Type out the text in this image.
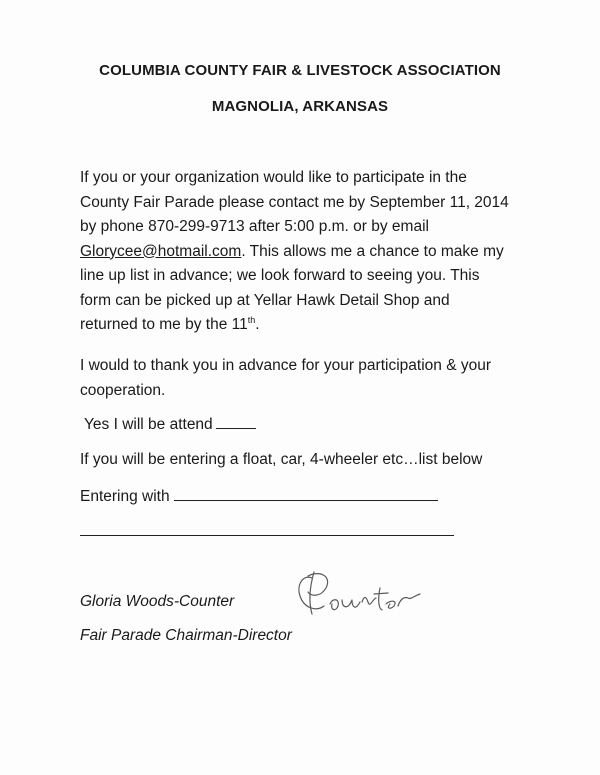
COLUMBIA COUNTY FAIR & LIVESTOCK ASSOCIATION
MAGNOLIA, ARKANSAS
If you or your organization would like to participate in the
County Fair Parade please contact me by September 11, 2014
by phone 870-299-9713 after 5:00 p.m. or by email
Glorycee@hotmail.com. This allows me a chance to make my
line up list in advance; we look forward to seeing you. This
form can be picked up at Yellar Hawk Detail Shop and
returned to me by the 11th.
I would to thank you in advance for your participation & your
cooperation.
Yes I will be attend
If you will be entering a float, car, 4-wheeler etc…list below
Entering with
Gloria Woods-Counter
Fair Parade Chairman-Director
